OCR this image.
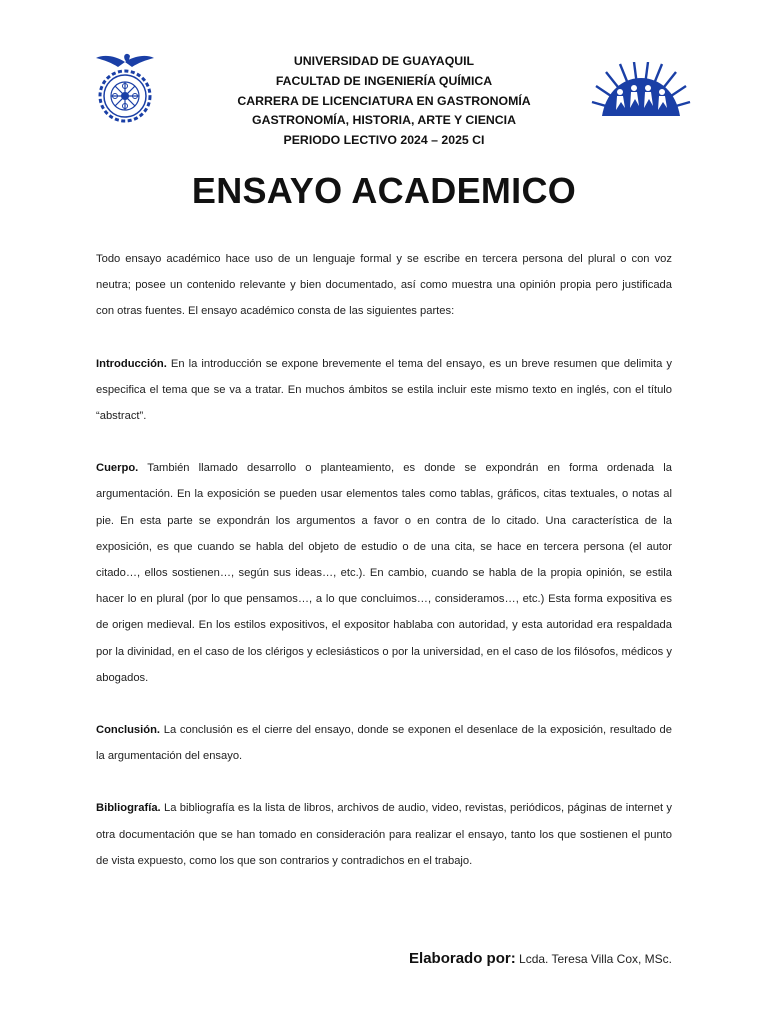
UNIVERSIDAD DE GUAYAQUIL
FACULTAD DE INGENIERÍA QUÍMICA
CARRERA DE LICENCIATURA EN GASTRONOMÍA
GASTRONOMÍA, HISTORIA, ARTE Y CIENCIA
PERIODO LECTIVO 2024 – 2025 CI
ENSAYO ACADEMICO

Todo ensayo académico hace uso de un lenguaje formal y se escribe en tercera persona del plural o con voz neutra; posee un contenido relevante y bien documentado, así como muestra una opinión propia pero justificada con otras fuentes. El ensayo académico consta de las siguientes partes:

Introducción. En la introducción se expone brevemente el tema del ensayo, es un breve resumen que delimita y especifica el tema que se va a tratar. En muchos ámbitos se estila incluir este mismo texto en inglés, con el título “abstract”.

Cuerpo. También llamado desarrollo o planteamiento, es donde se expondrán en forma ordenada la argumentación. En la exposición se pueden usar elementos tales como tablas, gráficos, citas textuales, o notas al pie. En esta parte se expondrán los argumentos a favor o en contra de lo citado. Una característica de la exposición, es que cuando se habla del objeto de estudio o de una cita, se hace en tercera persona (el autor citado…, ellos sostienen…, según sus ideas…, etc.). En cambio, cuando se habla de la propia opinión, se estila hacer lo en plural (por lo que pensamos…, a lo que concluimos…, consideramos…, etc.) Esta forma expositiva es de origen medieval. En los estilos expositivos, el expositor hablaba con autoridad, y esta autoridad era respaldada por la divinidad, en el caso de los clérigos y eclesiásticos o por la universidad, en el caso de los filósofos, médicos y abogados.

Conclusión. La conclusión es el cierre del ensayo, donde se exponen el desenlace de la exposición, resultado de la argumentación del ensayo.

Bibliografía. La bibliografía es la lista de libros, archivos de audio, video, revistas, periódicos, páginas de internet y otra documentación que se han tomado en consideración para realizar el ensayo, tanto los que sostienen el punto de vista expuesto, como los que son contrarios y contradichos en el trabajo.

Elaborado por: Lcda. Teresa Villa Cox, MSc.
